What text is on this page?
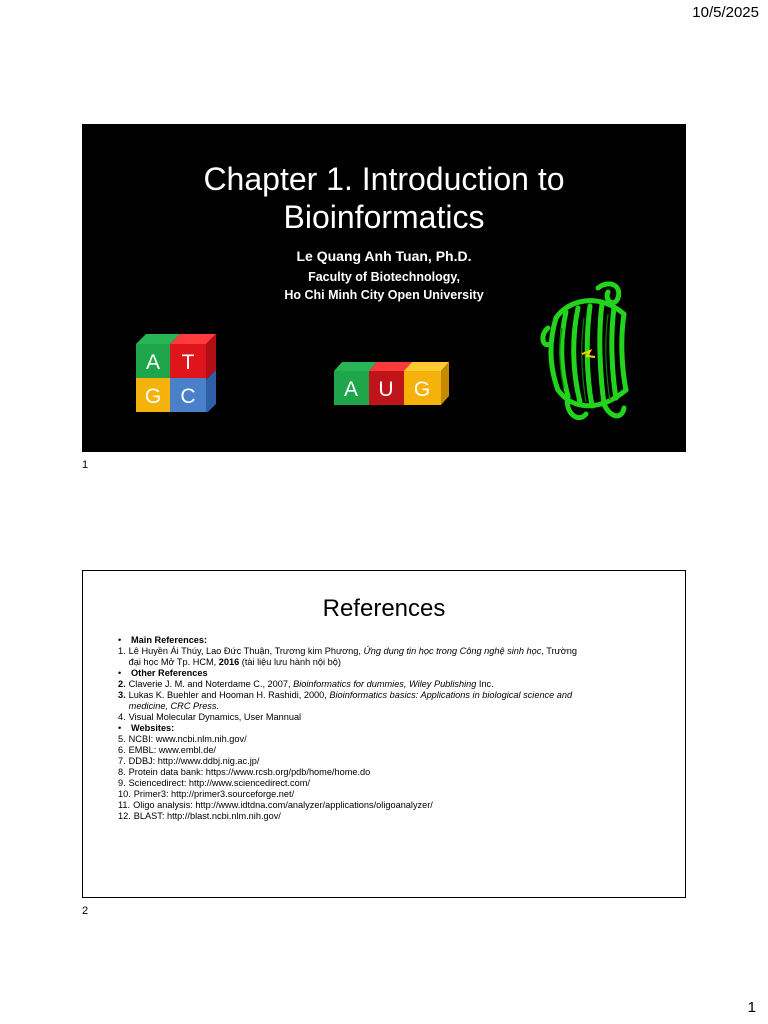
10/5/2025
Chapter 1. Introduction to
Bioinformatics
Le Quang Anh Tuan, Ph.D.
Faculty of Biotechnology,
Ho Chi Minh City Open University
A T
G C	A U G
1
References
•	Main References:
1. Lê Huyền Ái Thúy, Lao Đức Thuận, Trương kim Phương, Ứng dụng tin học trong Công nghệ sinh học, Trường
đại học Mở Tp. HCM, 2016 (tài liệu lưu hành nội bộ)
•	Other References
2. Claverie J. M. and Noterdame C., 2007, Bioinformatics for dummies, Wiley Publishing Inc.
3. Lukas K. Buehler and Hooman H. Rashidi, 2000, Bioinformatics basics: Applications in biological science and
medicine, CRC Press.
4. Visual Molecular Dynamics, User Mannual
•	Websites:
5. NCBI: www.ncbi.nlm.nih.gov/
6. EMBL: www.embl.de/
7. DDBJ: http://www.ddbj.nig.ac.jp/
8. Protein data bank: https://www.rcsb.org/pdb/home/home.do
9. Sciencedirect: http://www.sciencedirect.com/
10. Primer3: http://primer3.sourceforge.net/
11. Oligo analysis: http://www.idtdna.com/analyzer/applications/oligoanalyzer/
12. BLAST: http://blast.ncbi.nlm.nih.gov/
2
1
